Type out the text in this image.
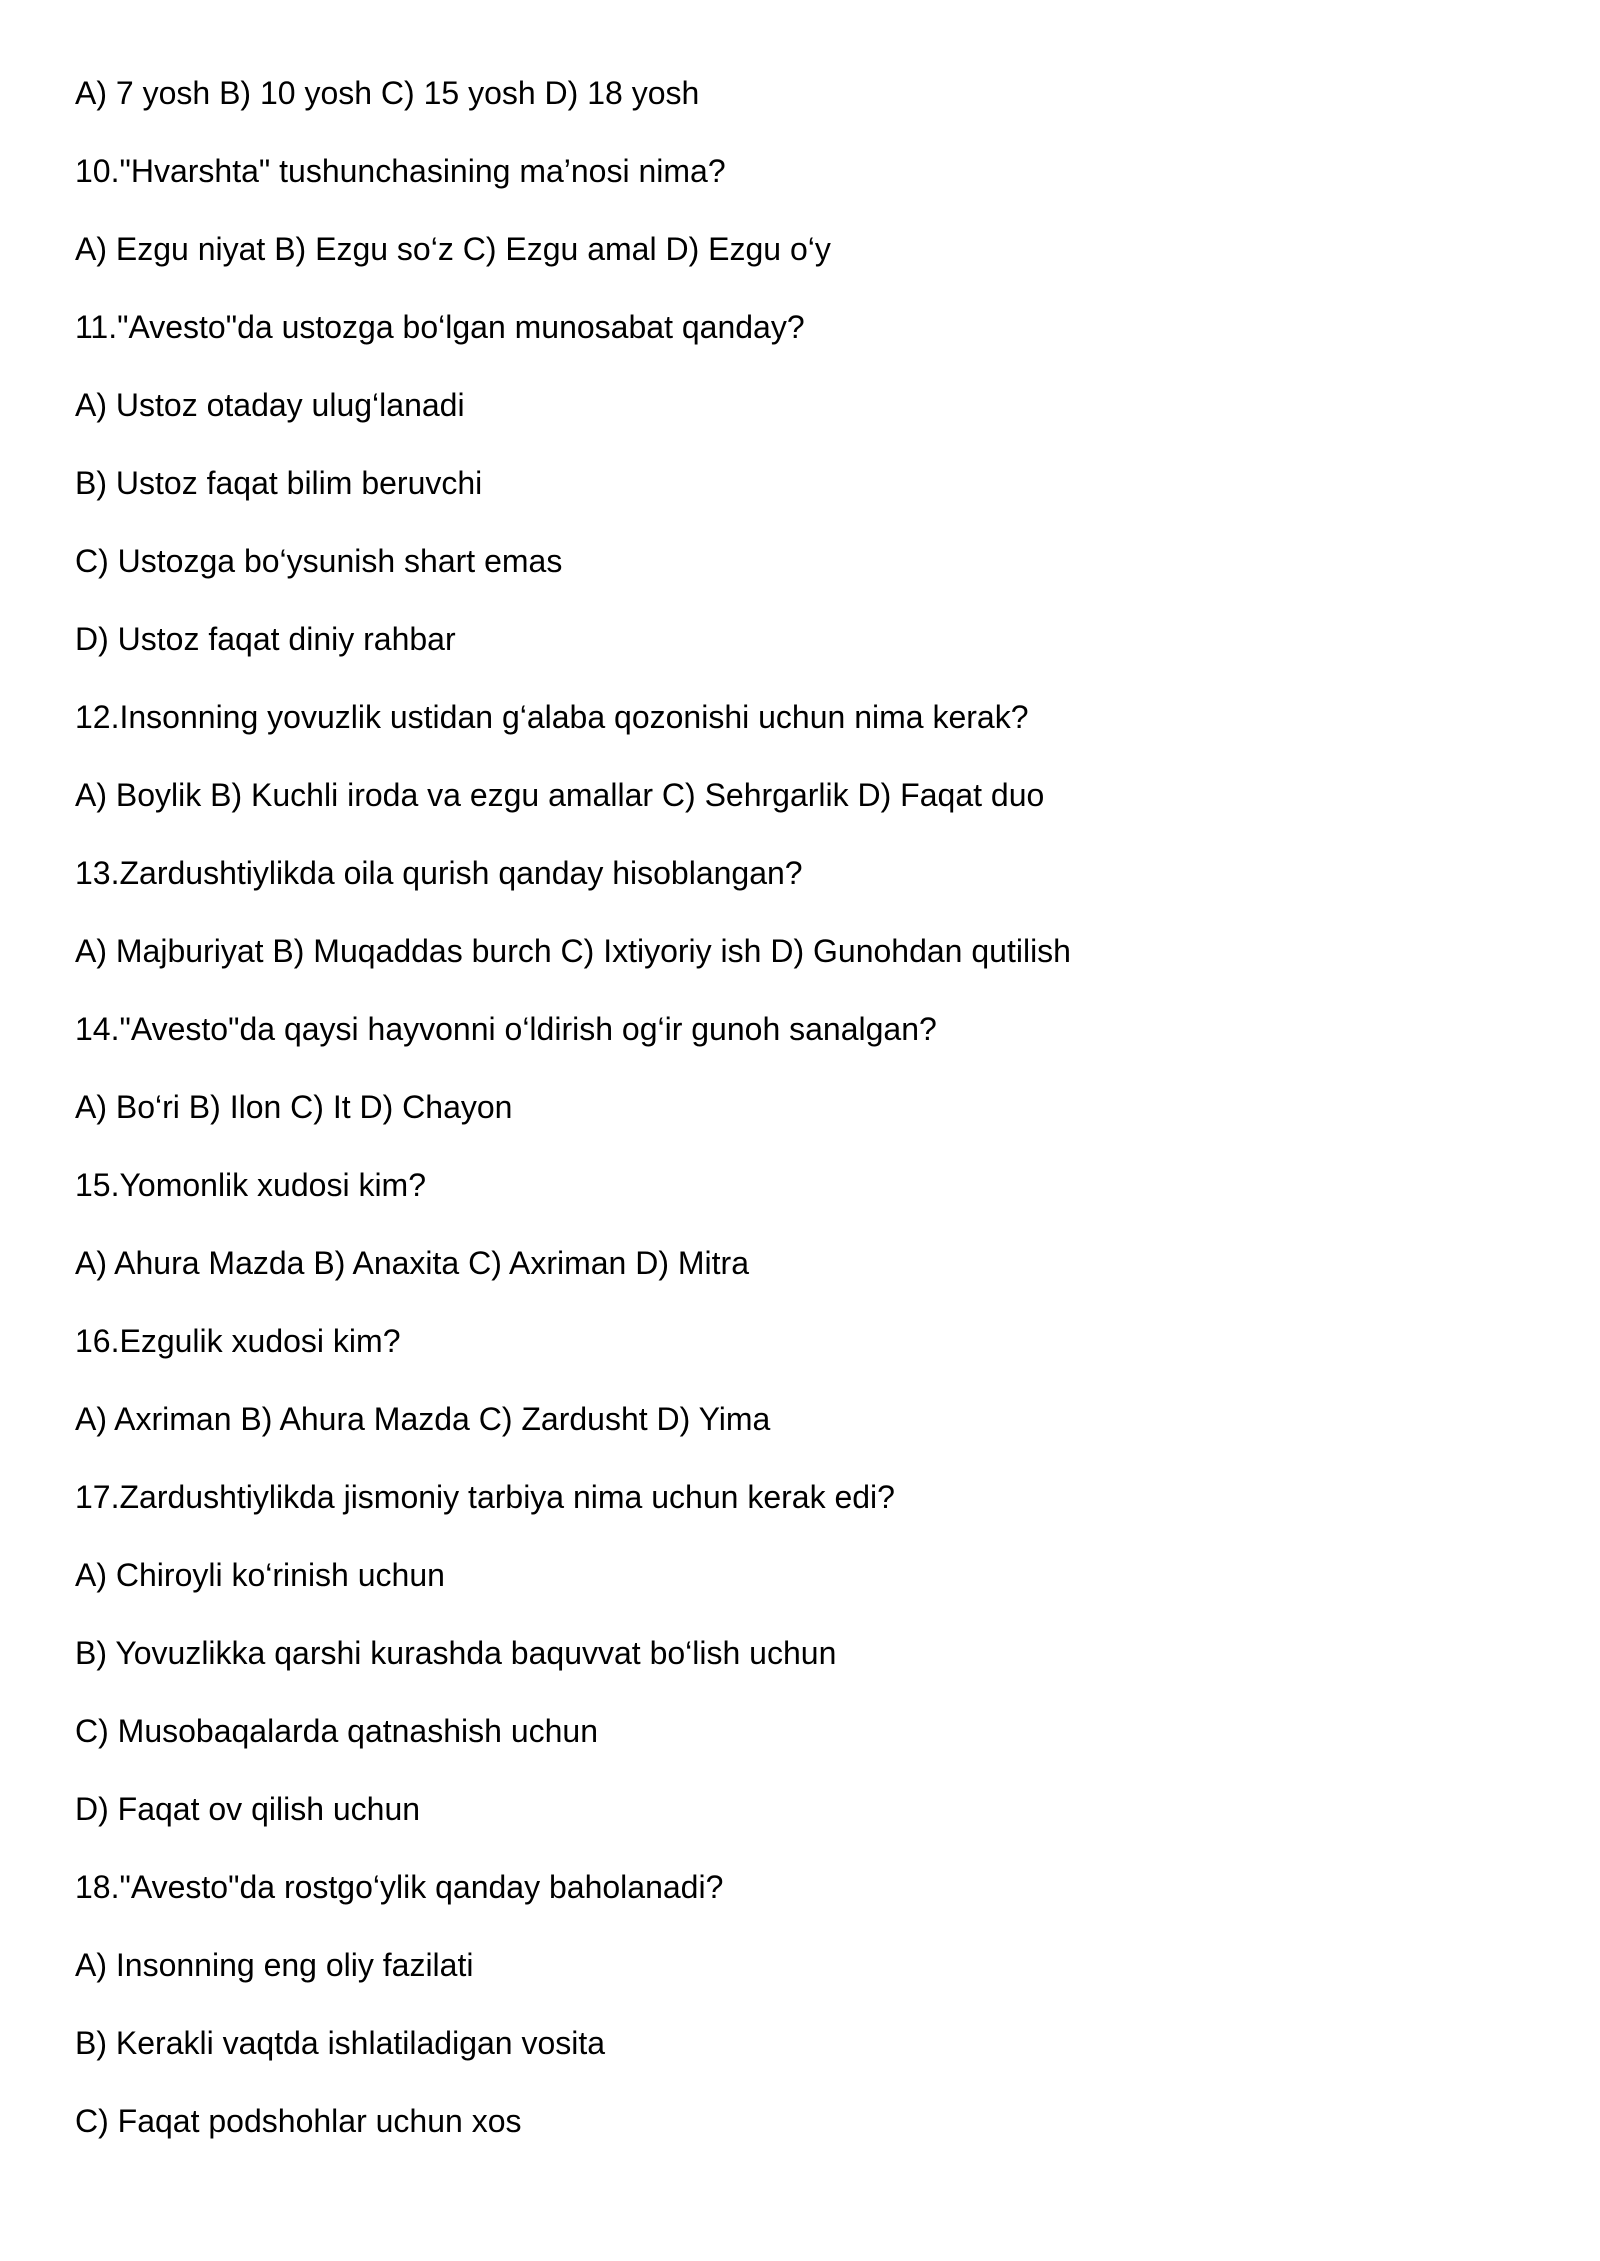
A) 7 yosh B) 10 yosh C) 15 yosh D) 18 yosh
10."Hvarshta" tushunchasining ma’nosi nima?
A) Ezgu niyat B) Ezgu so‘z C) Ezgu amal D) Ezgu o‘y
11."Avesto"da ustozga bo‘lgan munosabat qanday?
A) Ustoz otaday ulug‘lanadi
B) Ustoz faqat bilim beruvchi
C) Ustozga bo‘ysunish shart emas
D) Ustoz faqat diniy rahbar
12.Insonning yovuzlik ustidan g‘alaba qozonishi uchun nima kerak?
A) Boylik B) Kuchli iroda va ezgu amallar C) Sehrgarlik D) Faqat duo
13.Zardushtiylikda oila qurish qanday hisoblangan?
A) Majburiyat B) Muqaddas burch C) Ixtiyoriy ish D) Gunohdan qutilish
14."Avesto"da qaysi hayvonni o‘ldirish og‘ir gunoh sanalgan?
A) Bo‘ri B) Ilon C) It D) Chayon
15.Yomonlik xudosi kim?
A) Ahura Mazda B) Anaxita C) Axriman D) Mitra
16.Ezgulik xudosi kim?
A) Axriman B) Ahura Mazda C) Zardusht D) Yima
17.Zardushtiylikda jismoniy tarbiya nima uchun kerak edi?
A) Chiroyli ko‘rinish uchun
B) Yovuzlikka qarshi kurashda baquvvat bo‘lish uchun
C) Musobaqalarda qatnashish uchun
D) Faqat ov qilish uchun
18."Avesto"da rostgo‘ylik qanday baholanadi?
A) Insonning eng oliy fazilati
B) Kerakli vaqtda ishlatiladigan vosita
C) Faqat podshohlar uchun xos
